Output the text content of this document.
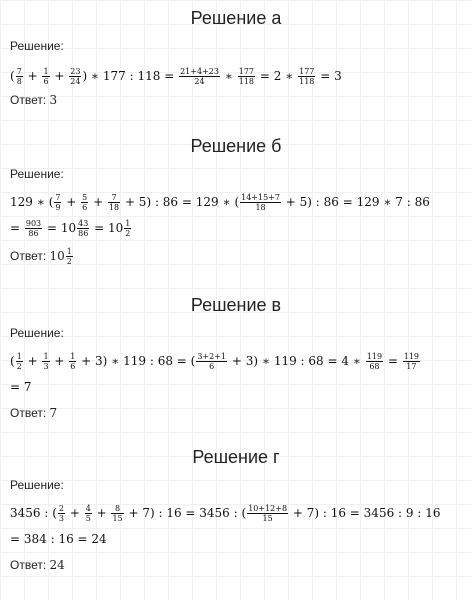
Решение а
Решение:
( $\frac{7}{8} + \frac{1}{6} + \frac{23}{24}$ ) ∗ 177 : $118 = \frac{21+4+23}{24}$ ∗ $\frac{177}{118} = 2$ ∗ $\frac{177}{118} = 3$
Ответ: 3
Решение б
Решение:
129 ∗ ( $\frac{7}{9} + \frac{5}{6} + \frac{7}{18} + 5$) : 86 = 129 ∗ ( $\frac{14+15+7}{18} + 5$) : 86 = 129 ∗ 7 : 86
= $\frac{903}{86} = 10 \frac{43}{86} = 10 \frac{1}{2}$
Ответ: $10 \frac{1}{2}$
Решение в
Решение:
( $\frac{1}{2} + \frac{1}{3} + \frac{1}{6} + 3$) ∗ 119 : 68 = ( $\frac{3+2+1}{6} + 3$) ∗ 119 : 68 = 4 ∗ $\frac{119}{68} = \frac{119}{17}$
= 7
Ответ: 7
Решение г
Решение:
3456 : ( $\frac{2}{3} + \frac{4}{5} + \frac{8}{15} + 7$) : 16 = 3456 : ( $\frac{10+12+8}{15} + 7$) : 16 = 3456 : 9 : 16
= 384 : 16 = 24
Ответ: 24
